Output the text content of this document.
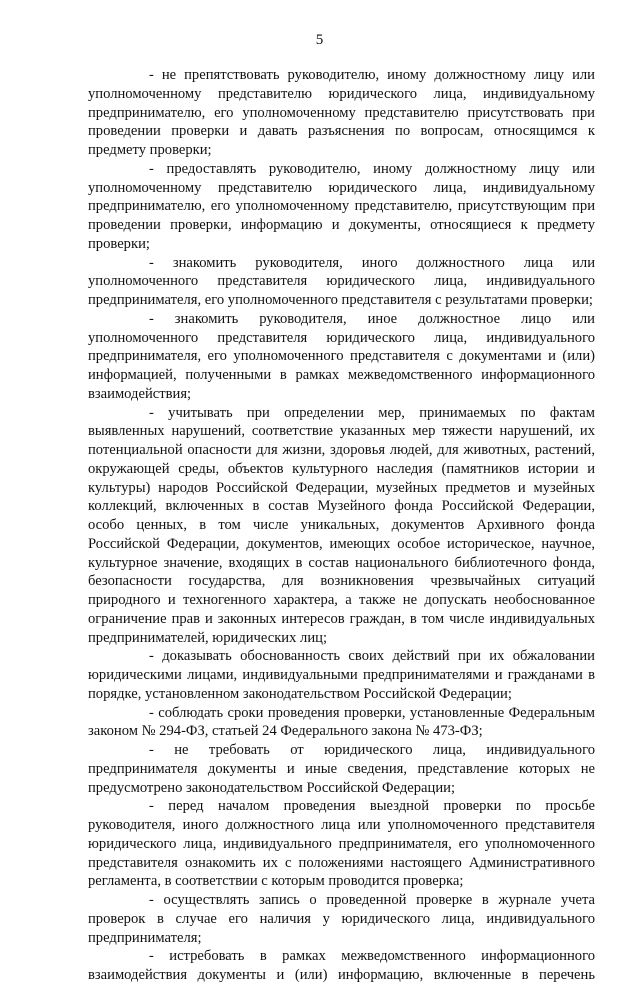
5

- не препятствовать руководителю, иному должностному лицу или уполномоченному представителю юридического лица, индивидуальному предпринимателю, его уполномоченному представителю присутствовать при проведении проверки и давать разъяснения по вопросам, относящимся к предмету проверки;

- предоставлять руководителю, иному должностному лицу или уполномоченному представителю юридического лица, индивидуальному предпринимателю, его уполномоченному представителю, присутствующим при проведении проверки, информацию и документы, относящиеся к предмету проверки;

- знакомить руководителя, иного должностного лица или уполномоченного представителя юридического лица, индивидуального предпринимателя, его уполномоченного представителя с результатами проверки;

- знакомить руководителя, иное должностное лицо или уполномоченного представителя юридического лица, индивидуального предпринимателя, его уполномоченного представителя с документами и (или) информацией, полученными в рамках межведомственного информационного взаимодействия;

- учитывать при определении мер, принимаемых по фактам выявленных нарушений, соответствие указанных мер тяжести нарушений, их потенциальной опасности для жизни, здоровья людей, для животных, растений, окружающей среды, объектов культурного наследия (памятников истории и культуры) народов Российской Федерации, музейных предметов и музейных коллекций, включенных в состав Музейного фонда Российской Федерации, особо ценных, в том числе уникальных, документов Архивного фонда Российской Федерации, документов, имеющих особое историческое, научное, культурное значение, входящих в состав национального библиотечного фонда, безопасности государства, для возникновения чрезвычайных ситуаций природного и техногенного характера, а также не допускать необоснованное ограничение прав и законных интересов граждан, в том числе индивидуальных предпринимателей, юридических лиц;

- доказывать обоснованность своих действий при их обжаловании юридическими лицами, индивидуальными предпринимателями и гражданами в порядке, установленном законодательством Российской Федерации;

- соблюдать сроки проведения проверки, установленные Федеральным законом № 294-ФЗ, статьей 24 Федерального закона № 473-ФЗ;

- не требовать от юридического лица, индивидуального предпринимателя документы и иные сведения, представление которых не предусмотрено законодательством Российской Федерации;

- перед началом проведения выездной проверки по просьбе руководителя, иного должностного лица или уполномоченного представителя юридического лица, индивидуального предпринимателя, его уполномоченного представителя ознакомить их с положениями настоящего Административного регламента, в соответствии с которым проводится проверка;

- осуществлять запись о проведенной проверке в журнале учета проверок в случае его наличия у юридического лица, индивидуального предпринимателя;

- истребовать в рамках межведомственного информационного взаимодействия документы и (или) информацию, включенные в перечень
